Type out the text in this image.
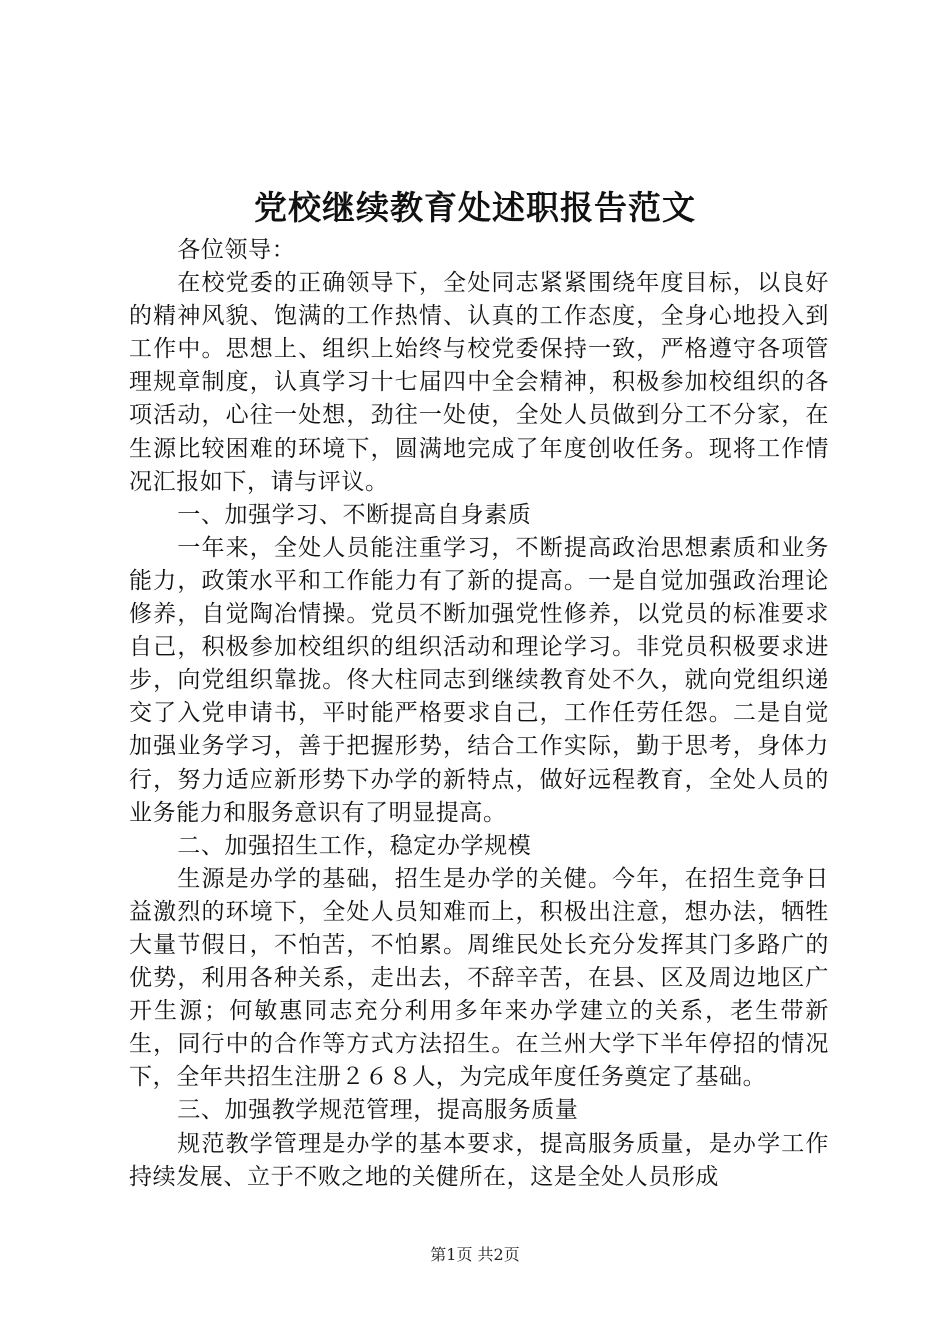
党校继续教育处述职报告范文

各位领导：

在校党委的正确领导下，全处同志紧紧围绕年度目标，以良好的精神风貌、饱满的工作热情、认真的工作态度，全身心地投入到工作中。思想上、组织上始终与校党委保持一致，严格遵守各项管理规章制度，认真学习十七届四中全会精神，积极参加校组织的各项活动，心往一处想，劲往一处使，全处人员做到分工不分家，在生源比较困难的环境下，圆满地完成了年度创收任务。现将工作情况汇报如下，请与评议。

一、加强学习、不断提高自身素质

一年来，全处人员能注重学习，不断提高政治思想素质和业务能力，政策水平和工作能力有了新的提高。一是自觉加强政治理论修养，自觉陶冶情操。党员不断加强党性修养，以党员的标准要求自己，积极参加校组织的组织活动和理论学习。非党员积极要求进步，向党组织靠拢。佟大柱同志到继续教育处不久，就向党组织递交了入党申请书，平时能严格要求自己，工作任劳任怨。二是自觉加强业务学习，善于把握形势，结合工作实际，勤于思考，身体力行，努力适应新形势下办学的新特点，做好远程教育，全处人员的业务能力和服务意识有了明显提高。

二、加强招生工作，稳定办学规模

生源是办学的基础，招生是办学的关健。今年，在招生竞争日益激烈的环境下，全处人员知难而上，积极出注意，想办法，牺牲大量节假日，不怕苦，不怕累。周维民处长充分发挥其门多路广的优势，利用各种关系，走出去，不辞辛苦，在县、区及周边地区广开生源；何敏惠同志充分利用多年来办学建立的关系，老生带新生，同行中的合作等方式方法招生。在兰州大学下半年停招的情况下，全年共招生注册２６８人，为完成年度任务奠定了基础。

三、加强教学规范管理，提高服务质量

规范教学管理是办学的基本要求，提高服务质量，是办学工作持续发展、立于不败之地的关健所在，这是全处人员形成

第1页 共2页
